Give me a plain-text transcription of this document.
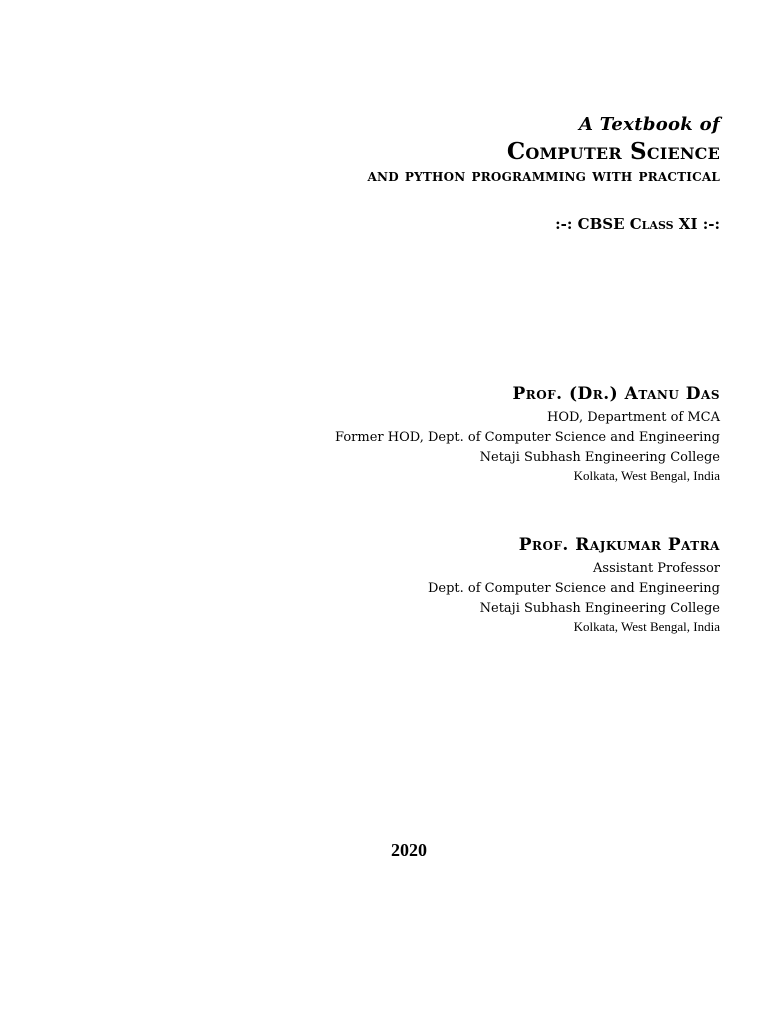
A Textbook of
Computer Science
and python programming with practical
:-: CBSE Class XI :-:
Prof. (Dr.) Atanu Das
HOD, Department of MCA
Former HOD, Dept. of Computer Science and Engineering
Netaji Subhash Engineering College
Kolkata, West Bengal, India
Prof. Rajkumar Patra
Assistant Professor
Dept. of Computer Science and Engineering
Netaji Subhash Engineering College
Kolkata, West Bengal, India
2020
